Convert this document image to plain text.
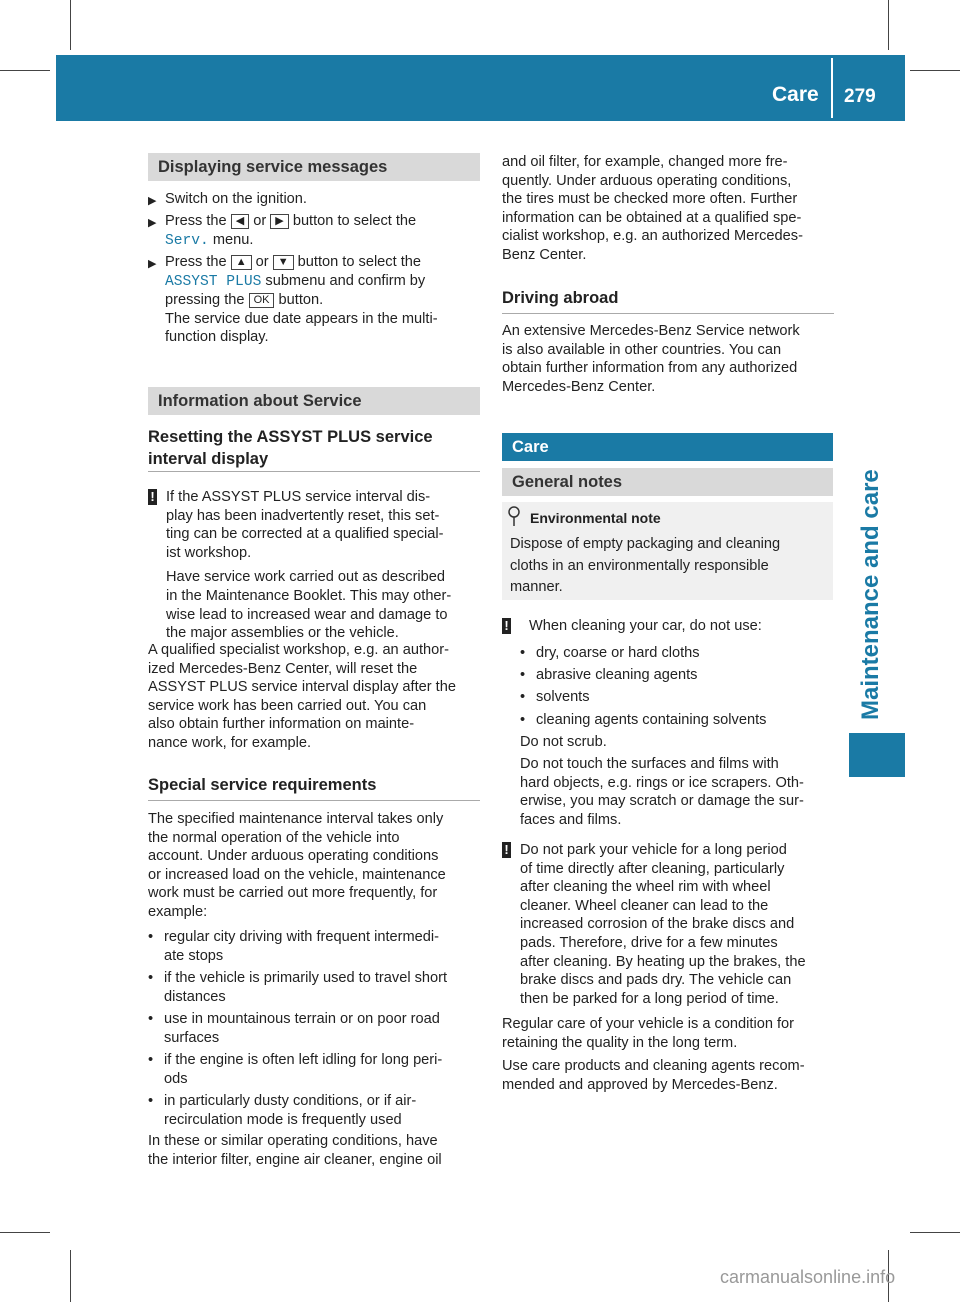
Care 279
Maintenance and care
Displaying service messages
▶ Switch on the ignition.
▶ Press the ◀ or ▶ button to select the
Serv. menu.
▶ Press the ▲ or ▼ button to select the
ASSYST PLUS submenu and confirm by
pressing the OK button.
The service due date appears in the multi-
function display.
Information about Service
Resetting the ASSYST PLUS service
interval display
! If the ASSYST PLUS service interval dis-
play has been inadvertently reset, this set-
ting can be corrected at a qualified special-
ist workshop.
Have service work carried out as described
in the Maintenance Booklet. This may other-
wise lead to increased wear and damage to
the major assemblies or the vehicle.
A qualified specialist workshop, e.g. an author-
ized Mercedes-Benz Center, will reset the
ASSYST PLUS service interval display after the
service work has been carried out. You can
also obtain further information on mainte-
nance work, for example.
Special service requirements
The specified maintenance interval takes only
the normal operation of the vehicle into
account. Under arduous operating conditions
or increased load on the vehicle, maintenance
work must be carried out more frequently, for
example:
• regular city driving with frequent intermedi-
ate stops
• if the vehicle is primarily used to travel short
distances
• use in mountainous terrain or on poor road
surfaces
• if the engine is often left idling for long peri-
ods
• in particularly dusty conditions, or if air-
recirculation mode is frequently used
In these or similar operating conditions, have
the interior filter, engine air cleaner, engine oil
and oil filter, for example, changed more fre-
quently. Under arduous operating conditions,
the tires must be checked more often. Further
information can be obtained at a qualified spe-
cialist workshop, e.g. an authorized Mercedes-
Benz Center.
Driving abroad
An extensive Mercedes-Benz Service network
is also available in other countries. You can
obtain further information from any authorized
Mercedes-Benz Center.
Care
General notes
Environmental note
Dispose of empty packaging and cleaning
cloths in an environmentally responsible
manner.
!	When cleaning your car, do not use:
• dry, coarse or hard cloths
• abrasive cleaning agents
• solvents
• cleaning agents containing solvents
Do not scrub.
Do not touch the surfaces and films with
hard objects, e.g. rings or ice scrapers. Oth-
erwise, you may scratch or damage the sur-
faces and films.
! Do not park your vehicle for a long period
of time directly after cleaning, particularly
after cleaning the wheel rim with wheel
cleaner. Wheel cleaner can lead to the
increased corrosion of the brake discs and
pads. Therefore, drive for a few minutes
after cleaning. By heating up the brakes, the
brake discs and pads dry. The vehicle can
then be parked for a long period of time.
Regular care of your vehicle is a condition for
retaining the quality in the long term.
Use care products and cleaning agents recom-
mended and approved by Mercedes-Benz.
carmanualsonline.info
